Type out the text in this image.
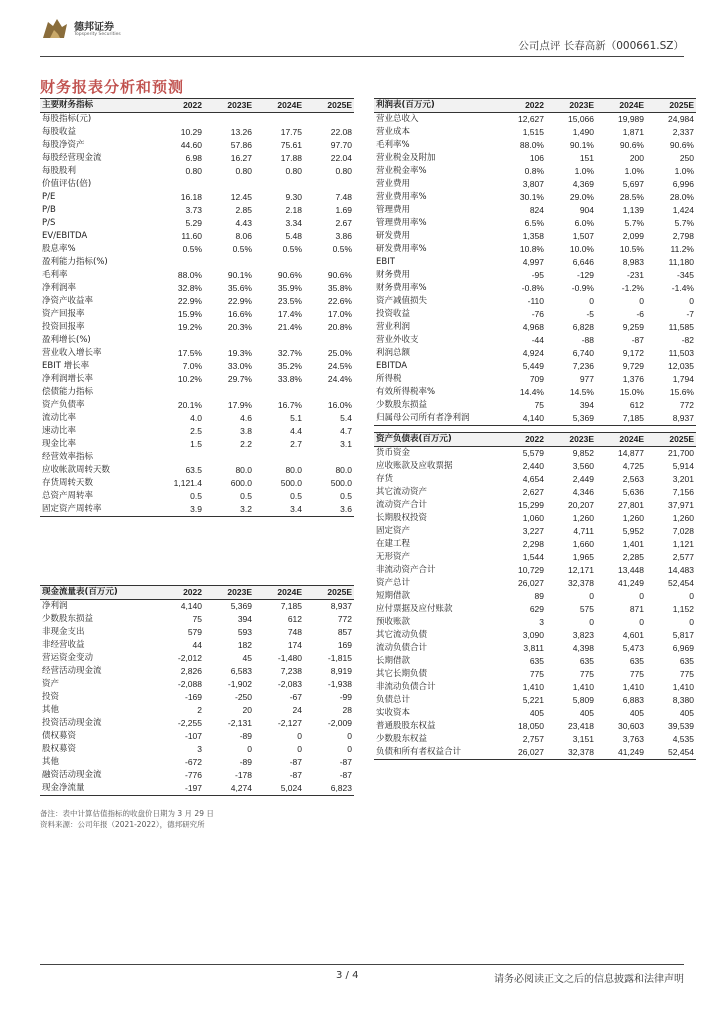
德邦证券
Topsperity Securities
公司点评 长春高新（000661.SZ）
财务报表分析和预测
主要财务指标	2022	2023E	2024E	2025E
每股指标(元)				
每股收益	10.29	13.26	17.75	22.08
每股净资产	44.60	57.86	75.61	97.70
每股经营现金流	6.98	16.27	17.88	22.04
每股股利	0.80	0.80	0.80	0.80
价值评估(倍)				
P/E	16.18	12.45	9.30	7.48
P/B	3.73	2.85	2.18	1.69
P/S	5.29	4.43	3.34	2.67
EV/EBITDA	11.60	8.06	5.48	3.86
股息率%	0.5%	0.5%	0.5%	0.5%
盈利能力指标(%)				
毛利率	88.0%	90.1%	90.6%	90.6%
净利润率	32.8%	35.6%	35.9%	35.8%
净资产收益率	22.9%	22.9%	23.5%	22.6%
资产回报率	15.9%	16.6%	17.4%	17.0%
投资回报率	19.2%	20.3%	21.4%	20.8%
盈利增长(%)				
营业收入增长率	17.5%	19.3%	32.7%	25.0%
EBIT 增长率	7.0%	33.0%	35.2%	24.5%
净利润增长率	10.2%	29.7%	33.8%	24.4%
偿债能力指标				
资产负债率	20.1%	17.9%	16.7%	16.0%
流动比率	4.0	4.6	5.1	5.4
速动比率	2.5	3.8	4.4	4.7
现金比率	1.5	2.2	2.7	3.1
经营效率指标				
应收帐款周转天数	63.5	80.0	80.0	80.0
存货周转天数	1,121.4	600.0	500.0	500.0
总资产周转率	0.5	0.5	0.5	0.5
固定资产周转率	3.9	3.2	3.4	3.6
利润表(百万元)	2022	2023E	2024E	2025E
营业总收入	12,627	15,066	19,989	24,984
营业成本	1,515	1,490	1,871	2,337
毛利率%	88.0%	90.1%	90.6%	90.6%
营业税金及附加	106	151	200	250
营业税金率%	0.8%	1.0%	1.0%	1.0%
营业费用	3,807	4,369	5,697	6,996
营业费用率%	30.1%	29.0%	28.5%	28.0%
管理费用	824	904	1,139	1,424
管理费用率%	6.5%	6.0%	5.7%	5.7%
研发费用	1,358	1,507	2,099	2,798
研发费用率%	10.8%	10.0%	10.5%	11.2%
EBIT	4,997	6,646	8,983	11,180
财务费用	-95	-129	-231	-345
财务费用率%	-0.8%	-0.9%	-1.2%	-1.4%
资产减值损失	-110	0	0	0
投资收益	-76	-5	-6	-7
营业利润	4,968	6,828	9,259	11,585
营业外收支	-44	-88	-87	-82
利润总额	4,924	6,740	9,172	11,503
EBITDA	5,449	7,236	9,729	12,035
所得税	709	977	1,376	1,794
有效所得税率%	14.4%	14.5%	15.0%	15.6%
少数股东损益	75	394	612	772
归属母公司所有者净利润	4,140	5,369	7,185	8,937
资产负债表(百万元)	2022	2023E	2024E	2025E
货币资金	5,579	9,852	14,877	21,700
应收账款及应收票据	2,440	3,560	4,725	5,914
存货	4,654	2,449	2,563	3,201
其它流动资产	2,627	4,346	5,636	7,156
流动资产合计	15,299	20,207	27,801	37,971
长期股权投资	1,060	1,260	1,260	1,260
固定资产	3,227	4,711	5,952	7,028
在建工程	2,298	1,660	1,401	1,121
无形资产	1,544	1,965	2,285	2,577
非流动资产合计	10,729	12,171	13,448	14,483
资产总计	26,027	32,378	41,249	52,454
短期借款	89	0	0	0
应付票据及应付账款	629	575	871	1,152
预收账款	3	0	0	0
其它流动负债	3,090	3,823	4,601	5,817
流动负债合计	3,811	4,398	5,473	6,969
长期借款	635	635	635	635
其它长期负债	775	775	775	775
非流动负债合计	1,410	1,410	1,410	1,410
负债总计	5,221	5,809	6,883	8,380
实收资本	405	405	405	405
普通股股东权益	18,050	23,418	30,603	39,539
少数股东权益	2,757	3,151	3,763	4,535
负债和所有者权益合计	26,027	32,378	41,249	52,454
现金流量表(百万元)	2022	2023E	2024E	2025E
净利润	4,140	5,369	7,185	8,937
少数股东损益	75	394	612	772
非现金支出	579	593	748	857
非经营收益	44	182	174	169
营运资金变动	-2,012	45	-1,480	-1,815
经营活动现金流	2,826	6,583	7,238	8,919
资产	-2,088	-1,902	-2,083	-1,938
投资	-169	-250	-67	-99
其他	2	20	24	28
投资活动现金流	-2,255	-2,131	-2,127	-2,009
债权募资	-107	-89	0	0
股权募资	3	0	0	0
其他	-672	-89	-87	-87
融资活动现金流	-776	-178	-87	-87
现金净流量	-197	4,274	5,024	6,823
备注：表中计算估值指标的收盘价日期为 3 月 29 日
资料来源：公司年报（2021-2022），德邦研究所
3 / 4	请务必阅读正文之后的信息披露和法律声明
